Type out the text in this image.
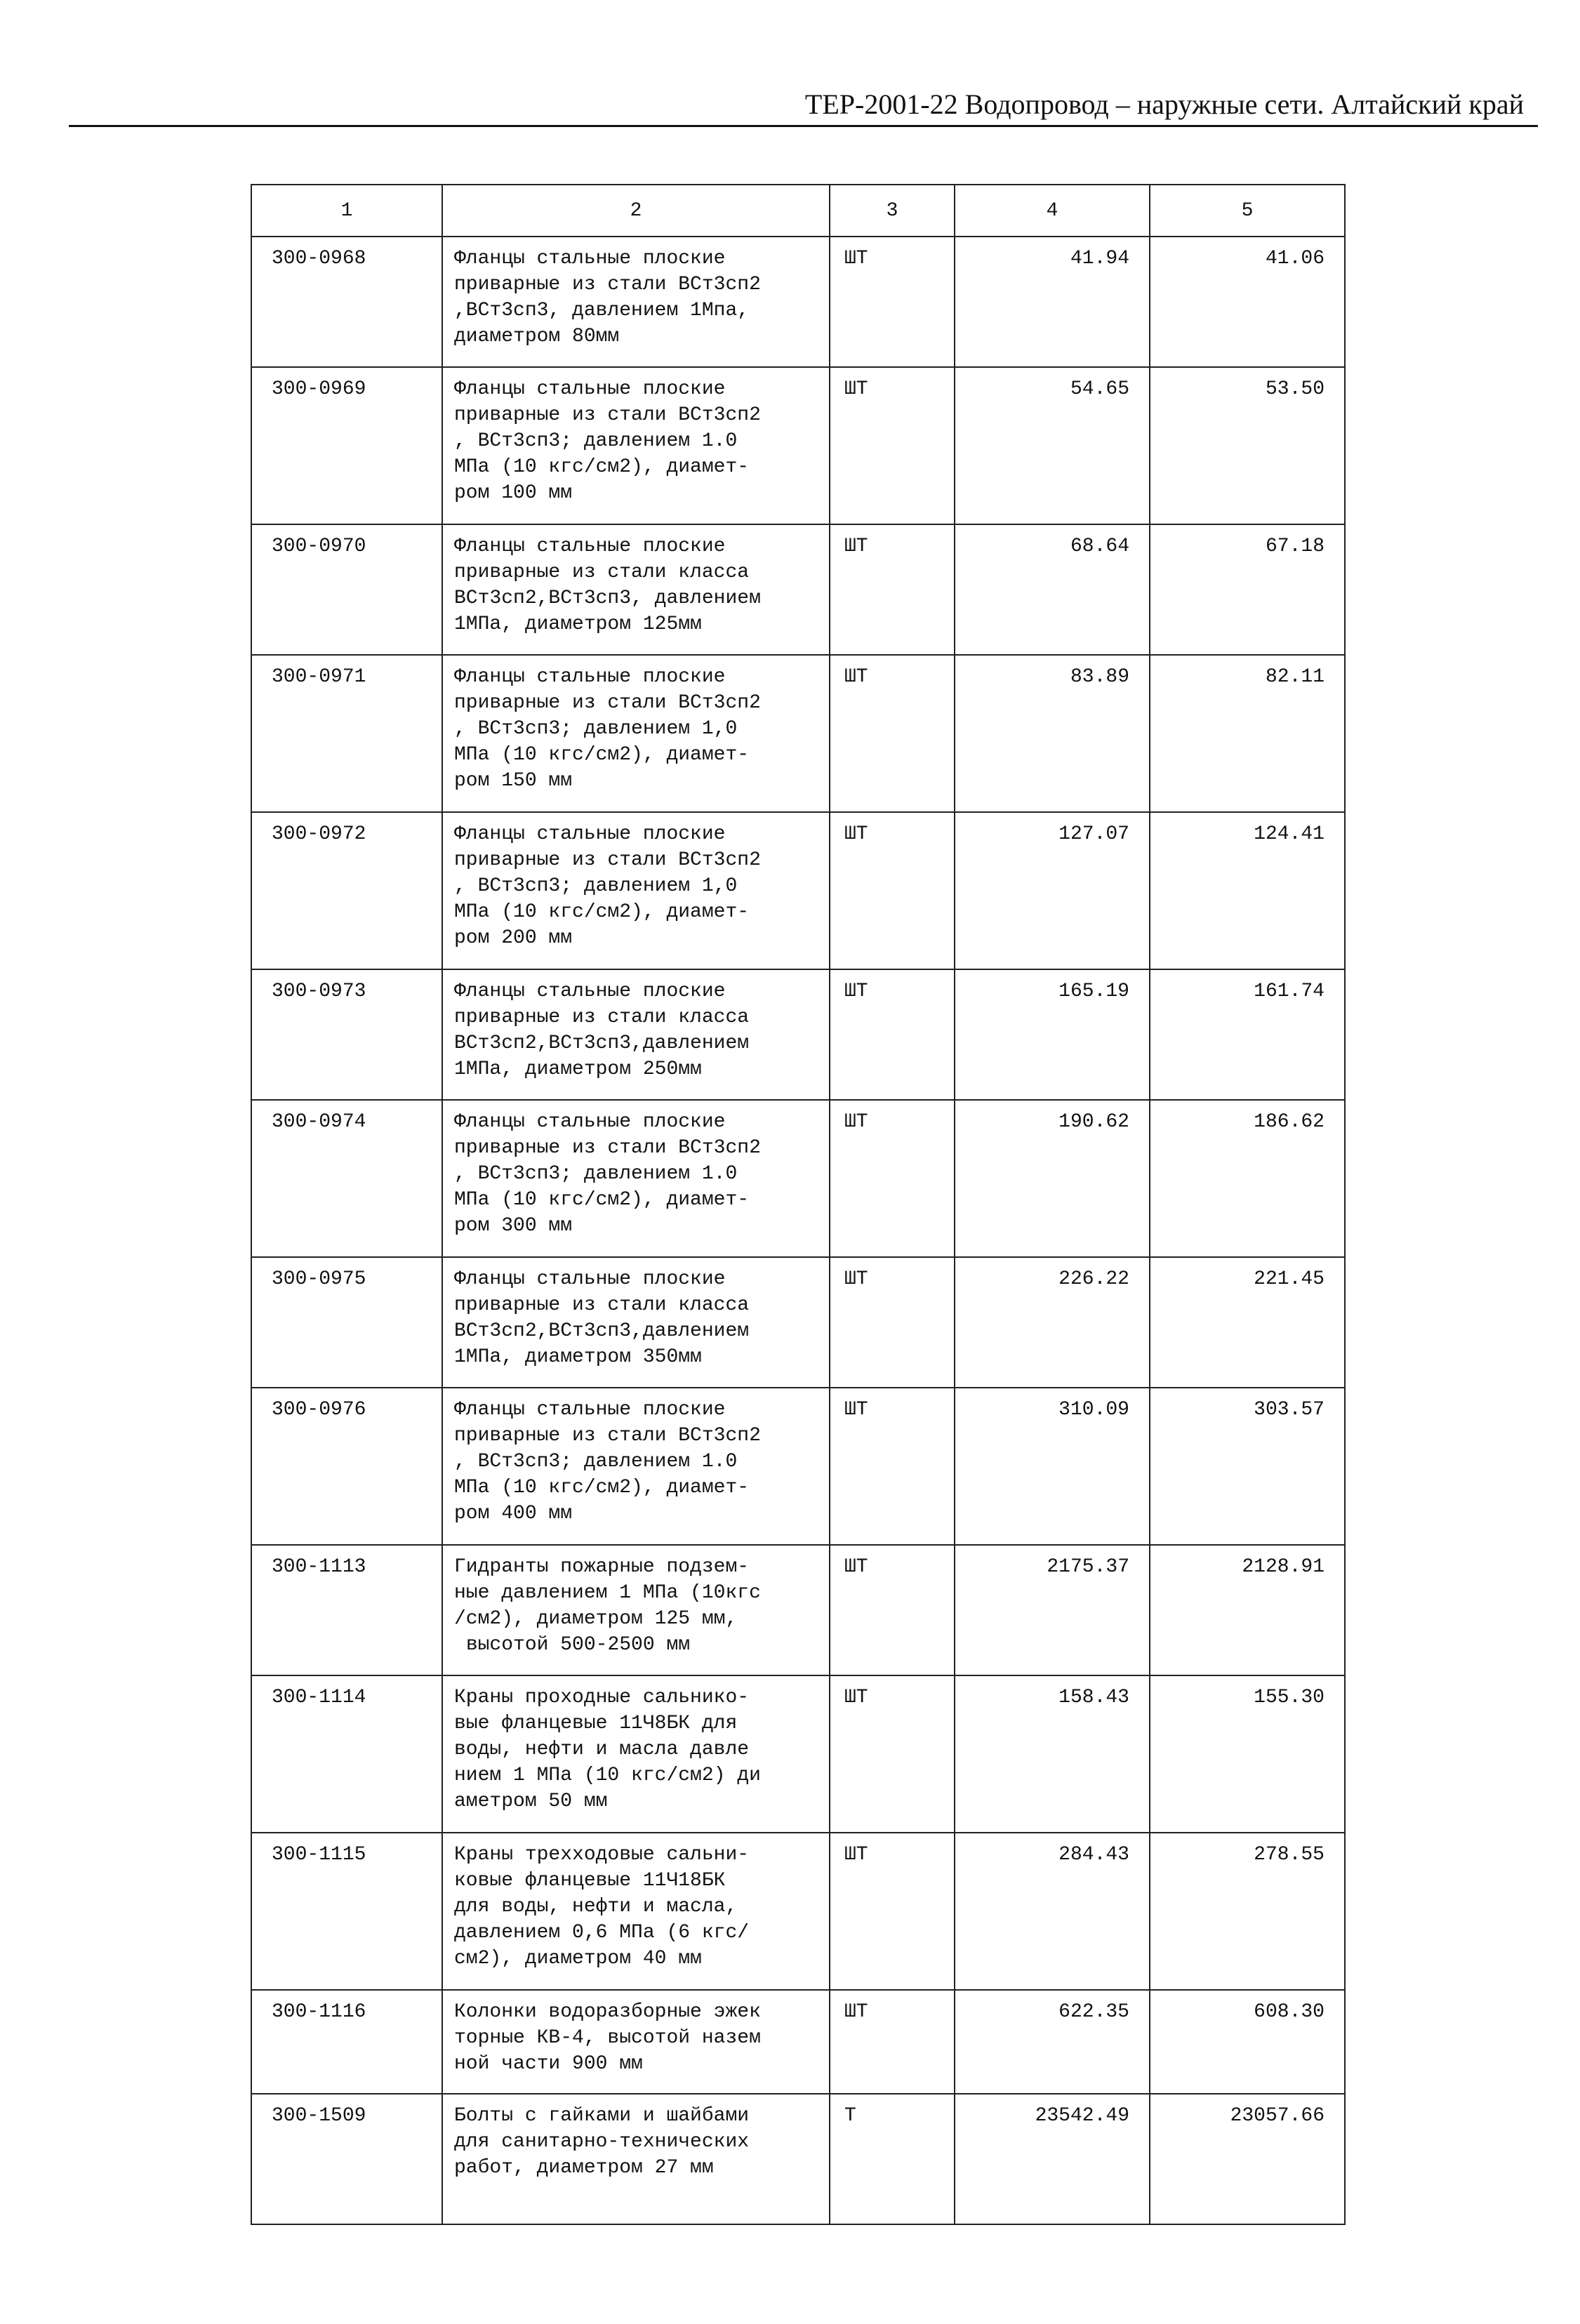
ТЕР-2001-22 Водопровод – наружные сети. Алтайский край
1	2	3	4	5
300-0968	Фланцы стальные плоские
приварные из стали ВСт3сп2
,ВСт3сп3, давлением 1Мпа,
диаметром 80мм	ШТ	41.94	41.06
300-0969	Фланцы стальные плоские
приварные из стали ВСт3сп2
, ВСт3сп3; давлением 1.0
МПа (10 кгс/см2), диамет-
ром 100 мм	ШТ	54.65	53.50
300-0970	Фланцы стальные плоские
приварные из стали класса
ВСт3сп2,ВСт3сп3, давлением
1МПа, диаметром 125мм	ШТ	68.64	67.18
300-0971	Фланцы стальные плоские
приварные из стали ВСт3сп2
, ВСт3сп3; давлением 1,0
МПа (10 кгс/см2), диамет-
ром 150 мм	ШТ	83.89	82.11
300-0972	Фланцы стальные плоские
приварные из стали ВСт3сп2
, ВСт3сп3; давлением 1,0
МПа (10 кгс/см2), диамет-
ром 200 мм	ШТ	127.07	124.41
300-0973	Фланцы стальные плоские
приварные из стали класса
ВСт3сп2,ВСт3сп3,давлением
1МПа, диаметром 250мм	ШТ	165.19	161.74
300-0974	Фланцы стальные плоские
приварные из стали ВСт3сп2
, ВСт3сп3; давлением 1.0
МПа (10 кгс/см2), диамет-
ром 300 мм	ШТ	190.62	186.62
300-0975	Фланцы стальные плоские
приварные из стали класса
ВСт3сп2,ВСт3сп3,давлением
1МПа, диаметром 350мм	ШТ	226.22	221.45
300-0976	Фланцы стальные плоские
приварные из стали ВСт3сп2
, ВСт3сп3; давлением 1.0
МПа (10 кгс/см2), диамет-
ром 400 мм	ШТ	310.09	303.57
300-1113	Гидранты пожарные подзем-
ные давлением 1 МПа (10кгс
/см2), диаметром 125 мм,
высотой 500-2500 мм	ШТ	2175.37	2128.91
300-1114	Краны проходные сальнико-
вые фланцевые 11Ч8БК для
воды, нефти и масла давле
нием 1 МПа (10 кгс/см2) ди
аметром 50 мм	ШТ	158.43	155.30
300-1115	Краны трехходовые сальни-
ковые фланцевые 11Ч18БК
для воды, нефти и масла,
давлением 0,6 МПа (6 кгс/
см2), диаметром 40 мм	ШТ	284.43	278.55
300-1116	Колонки водоразборные эжек
торные КВ-4, высотой назем
ной части 900 мм	ШТ	622.35	608.30
300-1509	Болты с гайками и шайбами
для санитарно-технических
работ, диаметром 27 мм	Т	23542.49	23057.66
